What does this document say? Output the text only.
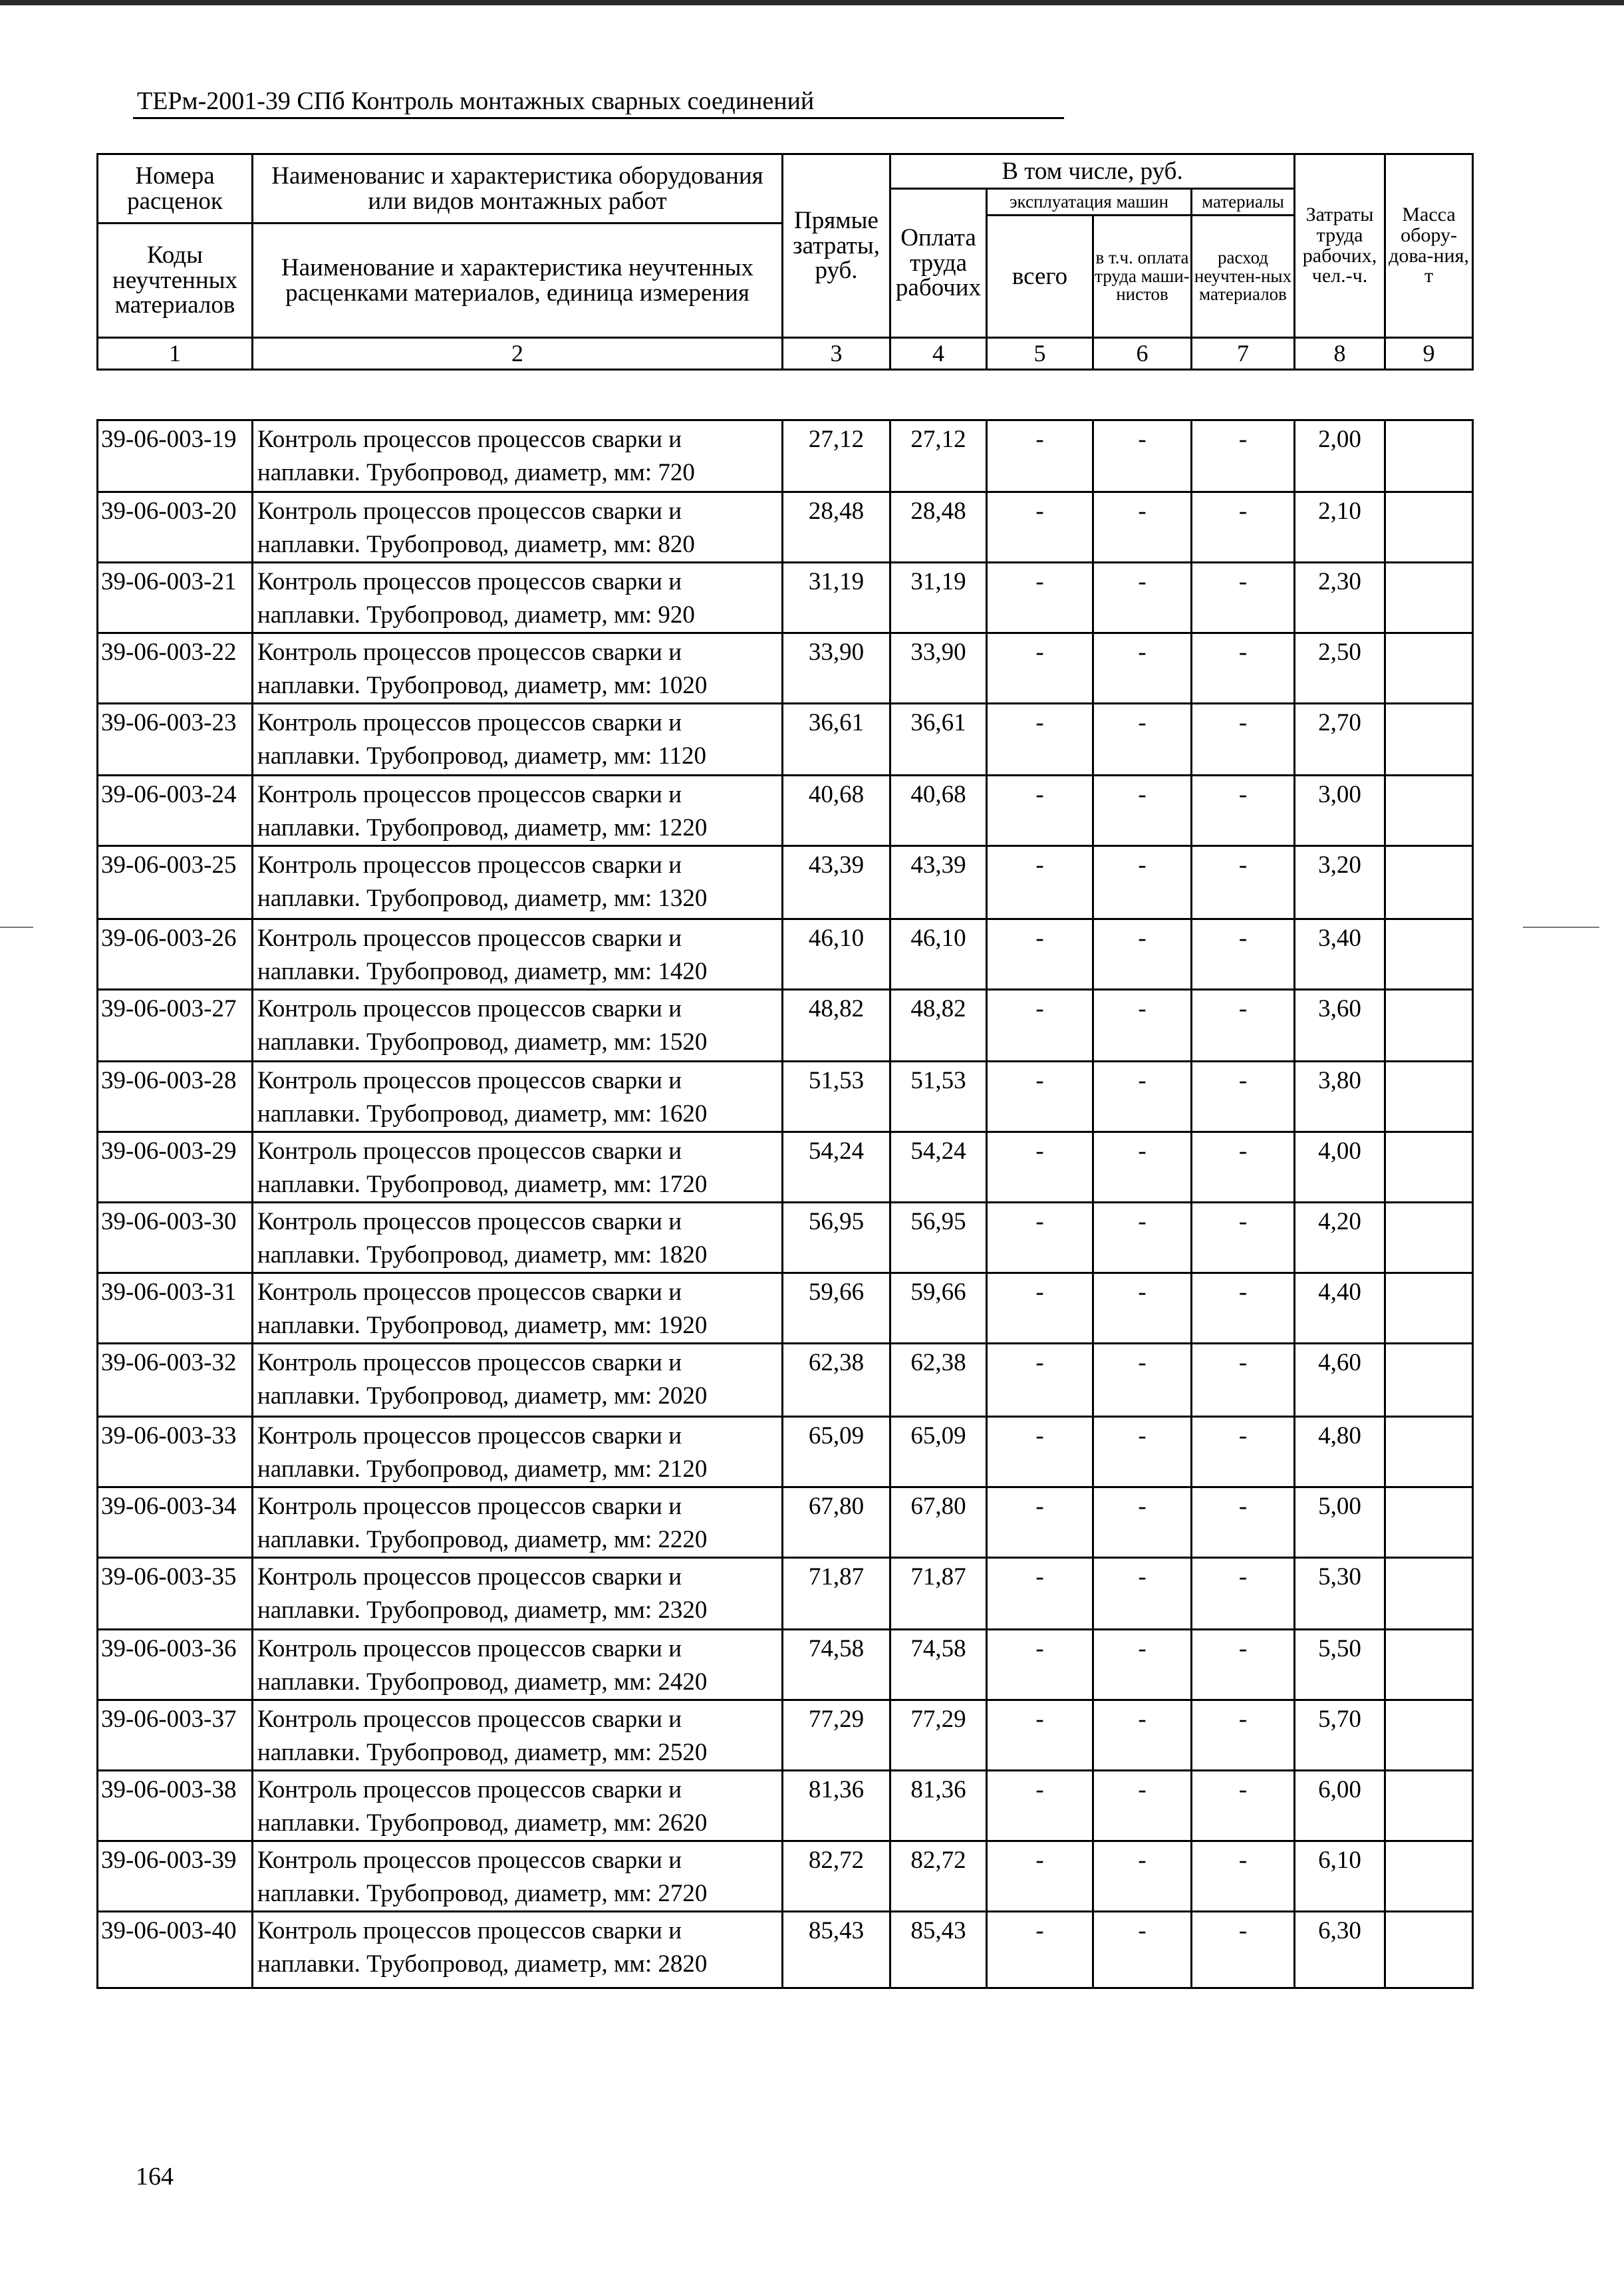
ТЕРм-2001-39 СПб Контроль монтажных сварных соединений
Номера расценок	Наименованис и характеристика оборудования или видов монтажных работ	Прямые затраты, руб.	В том числе, руб.				Затраты труда рабочих, чел.-ч.	Масса обору-дова-ния, т
			Оплата труда рабочих	эксплуатация машин		материалы		
				всего	в т.ч. оплата труда маши-нистов	расход неучтен-ных материалов		
Коды неучтенных материалов	Наименование и характеристика неучтенных расценками материалов, единица измерения							

1	2	3	4	5	6	7	8	9
39-06-003-19	Контроль процессов процессов сварки и наплавки. Трубопровод, диаметр, мм: 720	27,12	27,12	-	-	-	2,00	
39-06-003-20	Контроль процессов процессов сварки и наплавки. Трубопровод, диаметр, мм: 820	28,48	28,48	-	-	-	2,10	
39-06-003-21	Контроль процессов процессов сварки и наплавки. Трубопровод, диаметр, мм: 920	31,19	31,19	-	-	-	2,30	
39-06-003-22	Контроль процессов процессов сварки и наплавки. Трубопровод, диаметр, мм: 1020	33,90	33,90	-	-	-	2,50	
39-06-003-23	Контроль процессов процессов сварки и наплавки. Трубопровод, диаметр, мм: 1120	36,61	36,61	-	-	-	2,70	
39-06-003-24	Контроль процессов процессов сварки и наплавки. Трубопровод, диаметр, мм: 1220	40,68	40,68	-	-	-	3,00	
39-06-003-25	Контроль процессов процессов сварки и наплавки. Трубопровод, диаметр, мм: 1320	43,39	43,39	-	-	-	3,20	
39-06-003-26	Контроль процессов процессов сварки и наплавки. Трубопровод, диаметр, мм: 1420	46,10	46,10	-	-	-	3,40	
39-06-003-27	Контроль процессов процессов сварки и наплавки. Трубопровод, диаметр, мм: 1520	48,82	48,82	-	-	-	3,60	
39-06-003-28	Контроль процессов процессов сварки и наплавки. Трубопровод, диаметр, мм: 1620	51,53	51,53	-	-	-	3,80	
39-06-003-29	Контроль процессов процессов сварки и наплавки. Трубопровод, диаметр, мм: 1720	54,24	54,24	-	-	-	4,00	
39-06-003-30	Контроль процессов процессов сварки и наплавки. Трубопровод, диаметр, мм: 1820	56,95	56,95	-	-	-	4,20	
39-06-003-31	Контроль процессов процессов сварки и наплавки. Трубопровод, диаметр, мм: 1920	59,66	59,66	-	-	-	4,40	
39-06-003-32	Контроль процессов процессов сварки и наплавки. Трубопровод, диаметр, мм: 2020	62,38	62,38	-	-	-	4,60	
39-06-003-33	Контроль процессов процессов сварки и наплавки. Трубопровод, диаметр, мм: 2120	65,09	65,09	-	-	-	4,80	
39-06-003-34	Контроль процессов процессов сварки и наплавки. Трубопровод, диаметр, мм: 2220	67,80	67,80	-	-	-	5,00	
39-06-003-35	Контроль процессов процессов сварки и наплавки. Трубопровод, диаметр, мм: 2320	71,87	71,87	-	-	-	5,30	
39-06-003-36	Контроль процессов процессов сварки и наплавки. Трубопровод, диаметр, мм: 2420	74,58	74,58	-	-	-	5,50	
39-06-003-37	Контроль процессов процессов сварки и наплавки. Трубопровод, диаметр, мм: 2520	77,29	77,29	-	-	-	5,70	
39-06-003-38	Контроль процессов процессов сварки и наплавки. Трубопровод, диаметр, мм: 2620	81,36	81,36	-	-	-	6,00	
39-06-003-39	Контроль процессов процессов сварки и наплавки. Трубопровод, диаметр, мм: 2720	82,72	82,72	-	-	-	6,10	
39-06-003-40	Контроль процессов процессов сварки и наплавки. Трубопровод, диаметр, мм: 2820	85,43	85,43	-	-	-	6,30	
164
